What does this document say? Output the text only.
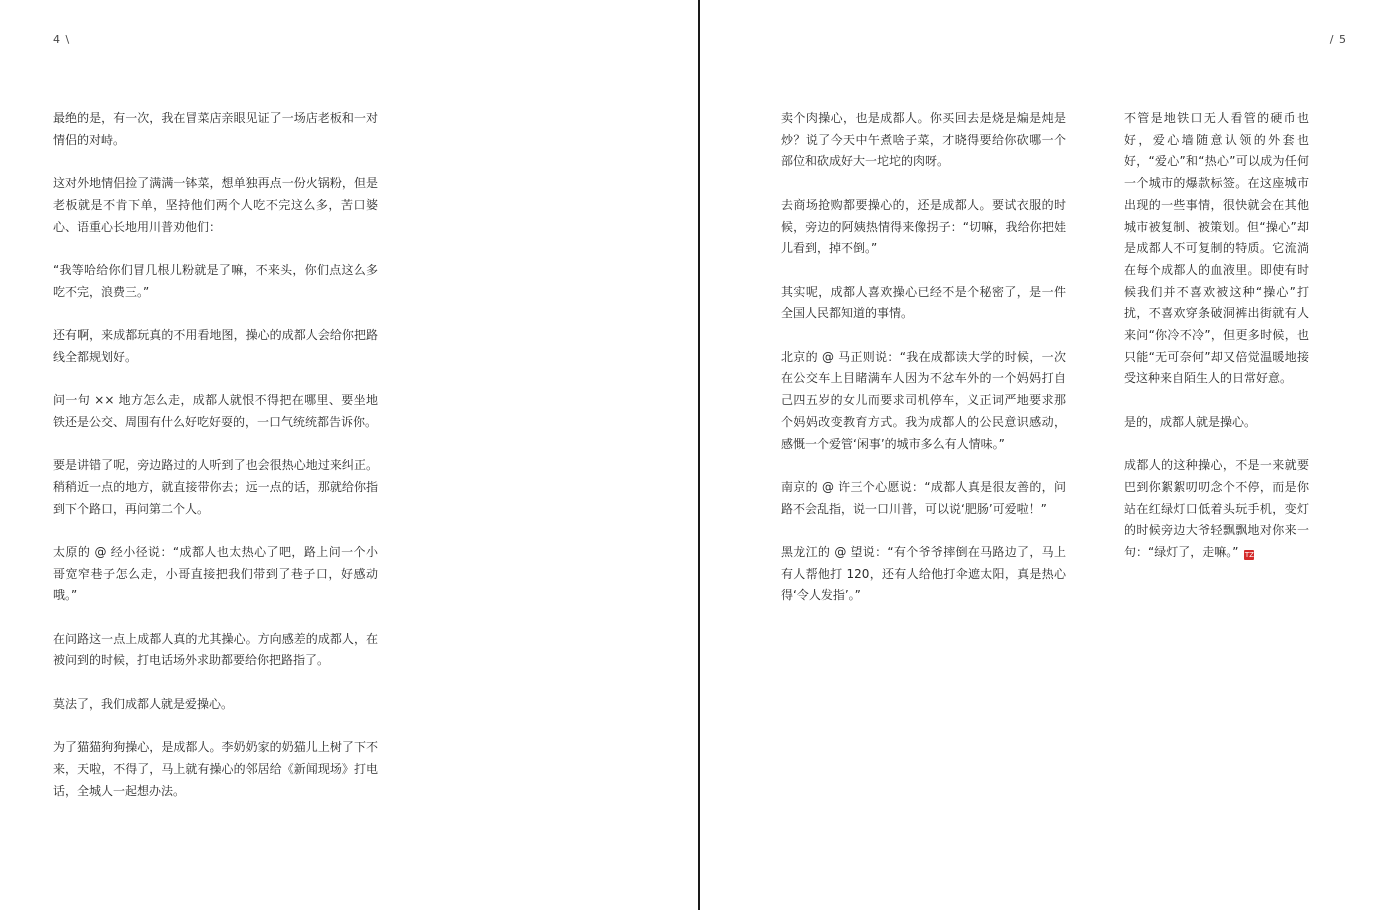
4 \

最绝的是，有一次，我在冒菜店亲眼见证了一场店老板和一对情侣的对峙。

这对外地情侣捡了满满一钵菜，想单独再点一份火锅粉，但是老板就是不肯下单，坚持他们两个人吃不完这么多，苦口婆心、语重心长地用川普劝他们：

“我等哈给你们冒几根儿粉就是了嘛，不来头，你们点这么多吃不完，浪费三。”

还有啊，来成都玩真的不用看地图，操心的成都人会给你把路线全都规划好。

问一句 ×× 地方怎么走，成都人就恨不得把在哪里、要坐地铁还是公交、周围有什么好吃好耍的，一口气统统都告诉你。

要是讲错了呢，旁边路过的人听到了也会很热心地过来纠正。稍稍近一点的地方，就直接带你去；远一点的话，那就给你指到下个路口，再问第二个人。

太原的 @ 经小径说：“成都人也太热心了吧，路上问一个小哥宽窄巷子怎么走，小哥直接把我们带到了巷子口，好感动哦。”

在问路这一点上成都人真的尤其操心。方向感差的成都人，在被问到的时候，打电话场外求助都要给你把路指了。

莫法了，我们成都人就是爱操心。

为了猫猫狗狗操心，是成都人。李奶奶家的奶猫儿上树了下不来，天啦，不得了，马上就有操心的邻居给《新闻现场》打电话，全城人一起想办法。

/ 5

卖个肉操心，也是成都人。你买回去是烧是煸是炖是炒？说了今天中午煮啥子菜，才晓得要给你砍哪一个部位和砍成好大一坨坨的肉呀。

去商场抢购都要操心的，还是成都人。要试衣服的时候，旁边的阿姨热情得来像拐子：“切嘛，我给你把娃儿看到，掉不倒。”

其实呢，成都人喜欢操心已经不是个秘密了，是一件全国人民都知道的事情。

北京的 @ 马正则说：“我在成都读大学的时候，一次在公交车上目睹满车人因为不忿车外的一个妈妈打自己四五岁的女儿而要求司机停车，义正词严地要求那个妈妈改变教育方式。我为成都人的公民意识感动，感慨一个爱管‘闲事’的城市多么有人情味。”

南京的 @ 许三个心愿说：“成都人真是很友善的，问路不会乱指，说一口川普，可以说‘肥肠’可爱啦！”

黑龙江的 @ 望说：“有个爷爷摔倒在马路边了，马上有人帮他打 120，还有人给他打伞遮太阳，真是热心得‘令人发指’。”

不管是地铁口无人看管的硬币也好，爱心墙随意认领的外套也好，“爱心”和“热心”可以成为任何一个城市的爆款标签。在这座城市出现的一些事情，很快就会在其他城市被复制、被策划。但“操心”却是成都人不可复制的特质。它流淌在每个成都人的血液里。即使有时候我们并不喜欢被这种“操心”打扰，不喜欢穿条破洞裤出街就有人来问“你冷不冷”，但更多时候，也只能“无可奈何”却又倍觉温暖地接受这种来自陌生人的日常好意。

是的，成都人就是操心。

成都人的这种操心，不是一来就要巴到你絮絮叨叨念个不停，而是你站在红绿灯口低着头玩手机，变灯的时候旁边大爷轻飘飘地对你来一句：“绿灯了，走嘛。” TZ
